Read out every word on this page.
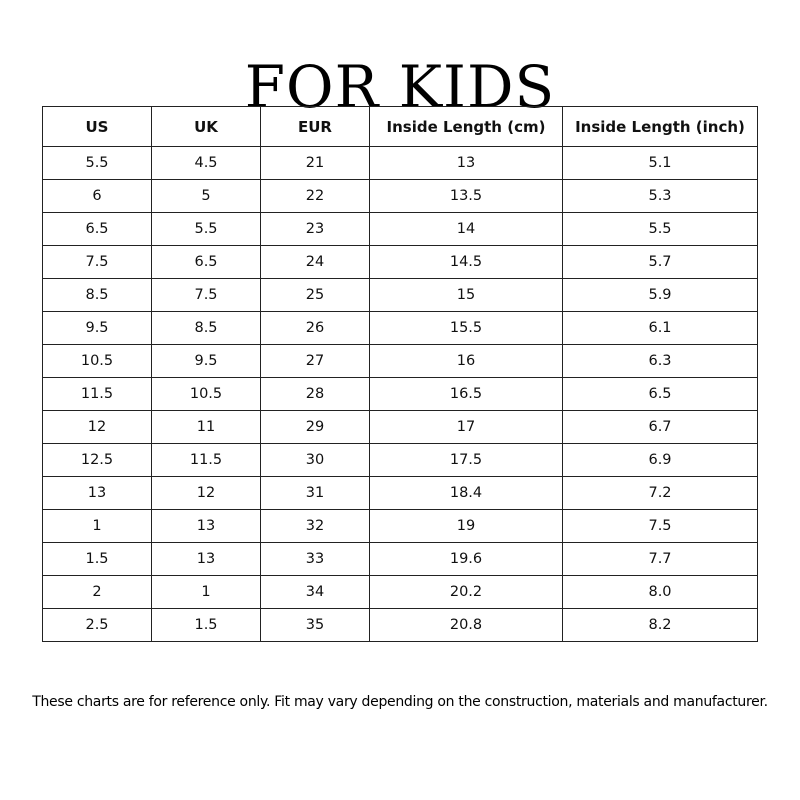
FOR KIDS
US	UK	EUR	Inside Length (cm)	Inside Length (inch)
5.5	4.5	21	13	5.1
6	5	22	13.5	5.3
6.5	5.5	23	14	5.5
7.5	6.5	24	14.5	5.7
8.5	7.5	25	15	5.9
9.5	8.5	26	15.5	6.1
10.5	9.5	27	16	6.3
11.5	10.5	28	16.5	6.5
12	11	29	17	6.7
12.5	11.5	30	17.5	6.9
13	12	31	18.4	7.2
1	13	32	19	7.5
1.5	13	33	19.6	7.7
2	1	34	20.2	8.0
2.5	1.5	35	20.8	8.2

These charts are for reference only. Fit may vary depending on the construction, materials and manufacturer.
